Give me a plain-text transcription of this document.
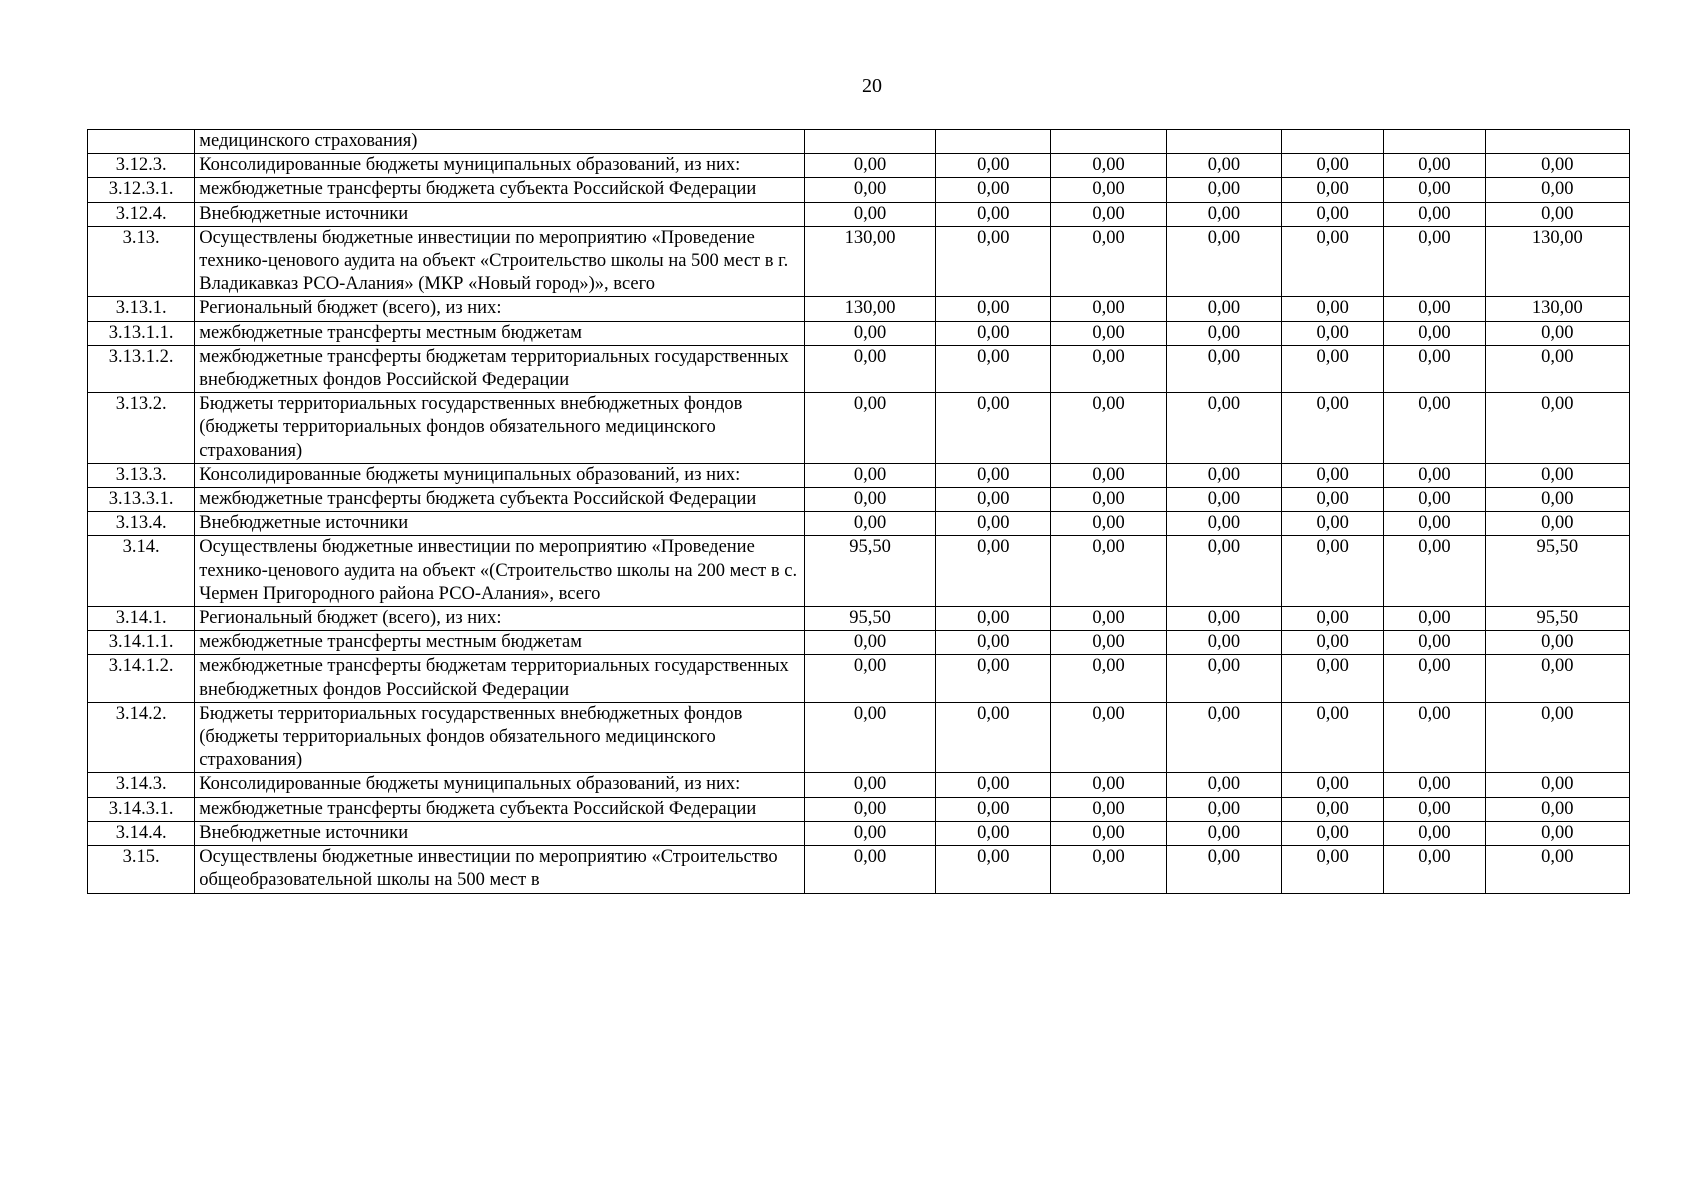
20
	медицинского страхования)							
3.12.3.	Консолидированные бюджеты муниципальных образований, из них:	0,00	0,00	0,00	0,00	0,00	0,00	0,00
3.12.3.1.	межбюджетные трансферты бюджета субъекта Российской Федерации	0,00	0,00	0,00	0,00	0,00	0,00	0,00
3.12.4.	Внебюджетные источники	0,00	0,00	0,00	0,00	0,00	0,00	0,00
3.13.	Осуществлены бюджетные инвестиции по мероприятию «Проведение технико-ценового аудита на объект «Строительство школы на 500 мест в г. Владикавказ РСО-Алания» (МКР «Новый город»)», всего	130,00	0,00	0,00	0,00	0,00	0,00	130,00
3.13.1.	Региональный бюджет (всего), из них:	130,00	0,00	0,00	0,00	0,00	0,00	130,00
3.13.1.1.	межбюджетные трансферты местным бюджетам	0,00	0,00	0,00	0,00	0,00	0,00	0,00
3.13.1.2.	межбюджетные трансферты бюджетам территориальных государственных внебюджетных фондов Российской Федерации	0,00	0,00	0,00	0,00	0,00	0,00	0,00
3.13.2.	Бюджеты территориальных государственных внебюджетных фондов (бюджеты территориальных фондов обязательного медицинского страхования)	0,00	0,00	0,00	0,00	0,00	0,00	0,00
3.13.3.	Консолидированные бюджеты муниципальных образований, из них:	0,00	0,00	0,00	0,00	0,00	0,00	0,00
3.13.3.1.	межбюджетные трансферты бюджета субъекта Российской Федерации	0,00	0,00	0,00	0,00	0,00	0,00	0,00
3.13.4.	Внебюджетные источники	0,00	0,00	0,00	0,00	0,00	0,00	0,00
3.14.	Осуществлены бюджетные инвестиции по мероприятию «Проведение технико-ценового аудита на объект «(Строительство школы на 200 мест в с. Чермен Пригородного района РСО-Алания», всего	95,50	0,00	0,00	0,00	0,00	0,00	95,50
3.14.1.	Региональный бюджет (всего), из них:	95,50	0,00	0,00	0,00	0,00	0,00	95,50
3.14.1.1.	межбюджетные трансферты местным бюджетам	0,00	0,00	0,00	0,00	0,00	0,00	0,00
3.14.1.2.	межбюджетные трансферты бюджетам территориальных государственных внебюджетных фондов Российской Федерации	0,00	0,00	0,00	0,00	0,00	0,00	0,00
3.14.2.	Бюджеты территориальных государственных внебюджетных фондов (бюджеты территориальных фондов обязательного медицинского страхования)	0,00	0,00	0,00	0,00	0,00	0,00	0,00
3.14.3.	Консолидированные бюджеты муниципальных образований, из них:	0,00	0,00	0,00	0,00	0,00	0,00	0,00
3.14.3.1.	межбюджетные трансферты бюджета субъекта Российской Федерации	0,00	0,00	0,00	0,00	0,00	0,00	0,00
3.14.4.	Внебюджетные источники	0,00	0,00	0,00	0,00	0,00	0,00	0,00
3.15.	Осуществлены бюджетные инвестиции по мероприятию «Строительство общеобразовательной школы на 500 мест в	0,00	0,00	0,00	0,00	0,00	0,00	0,00
